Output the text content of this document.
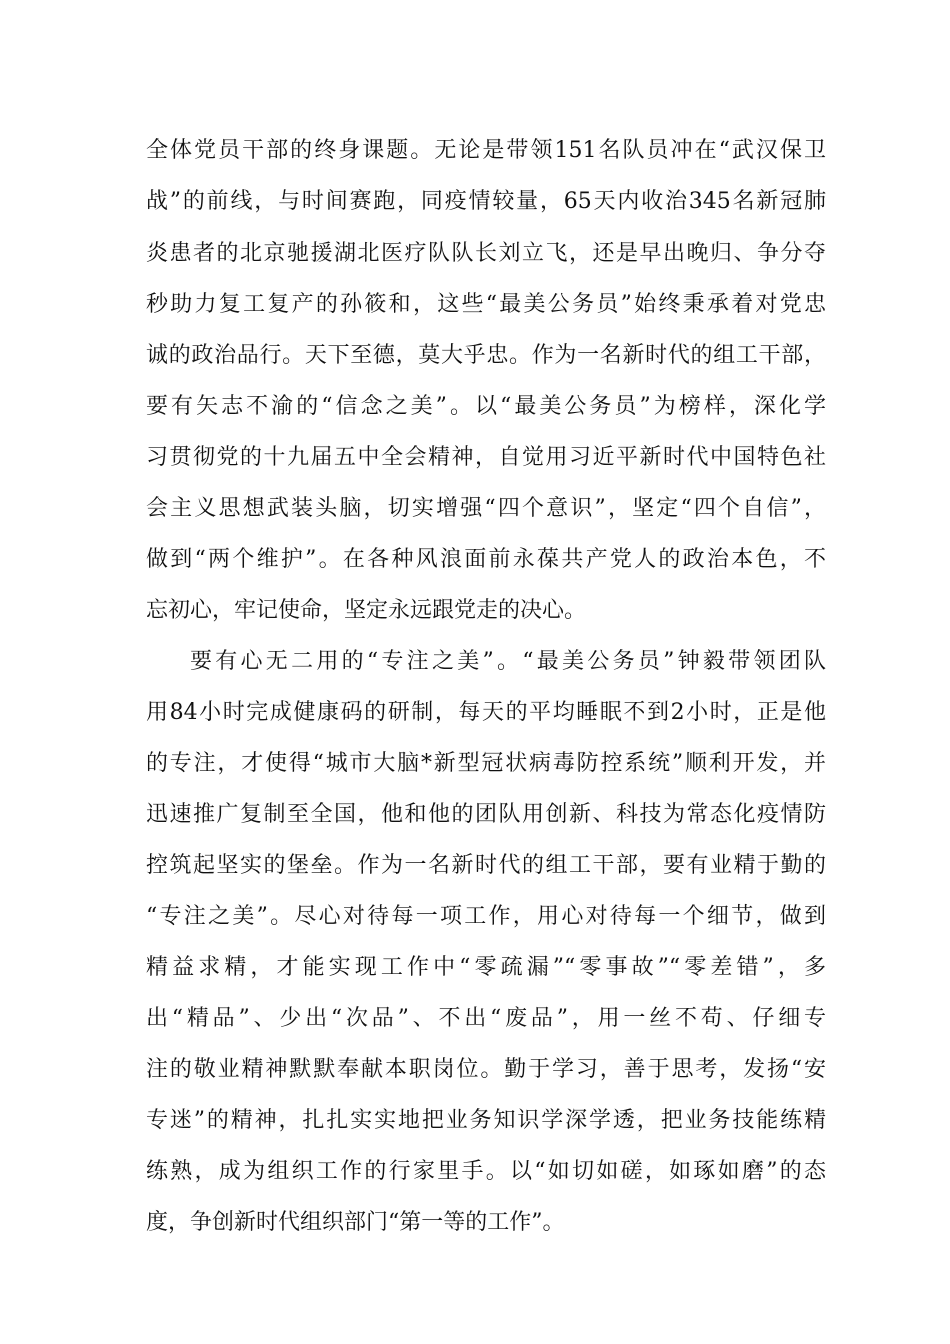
全体党员干部的终身课题。无论是带领151名队员冲在“武汉保卫
战”的前线，与时间赛跑，同疫情较量，65天内收治345名新冠肺
炎患者的北京驰援湖北医疗队队长刘立飞，还是早出晚归、争分夺
秒助力复工复产的孙筱和，这些“最美公务员”始终秉承着对党忠
诚的政治品行。天下至德，莫大乎忠。作为一名新时代的组工干部，
要有矢志不渝的“信念之美”。以“最美公务员”为榜样，深化学
习贯彻党的十九届五中全会精神，自觉用习近平新时代中国特色社
会主义思想武装头脑，切实增强“四个意识”，坚定“四个自信”，
做到“两个维护”。在各种风浪面前永葆共产党人的政治本色，不
忘初心，牢记使命，坚定永远跟党走的决心。
要有心无二用的“专注之美”。“最美公务员”钟毅带领团队
用84小时完成健康码的研制，每天的平均睡眠不到2小时，正是他
的专注，才使得“城市大脑*新型冠状病毒防控系统”顺利开发，并
迅速推广复制至全国，他和他的团队用创新、科技为常态化疫情防
控筑起坚实的堡垒。作为一名新时代的组工干部，要有业精于勤的
“专注之美”。尽心对待每一项工作，用心对待每一个细节，做到
精益求精，才能实现工作中“零疏漏”“零事故”“零差错”，多
出“精品”、少出“次品”、不出“废品”，用一丝不苟、仔细专
注的敬业精神默默奉献本职岗位。勤于学习，善于思考，发扬“安
专迷”的精神，扎扎实实地把业务知识学深学透，把业务技能练精
练熟，成为组织工作的行家里手。以“如切如磋，如琢如磨”的态
度，争创新时代组织部门“第一等的工作”。
